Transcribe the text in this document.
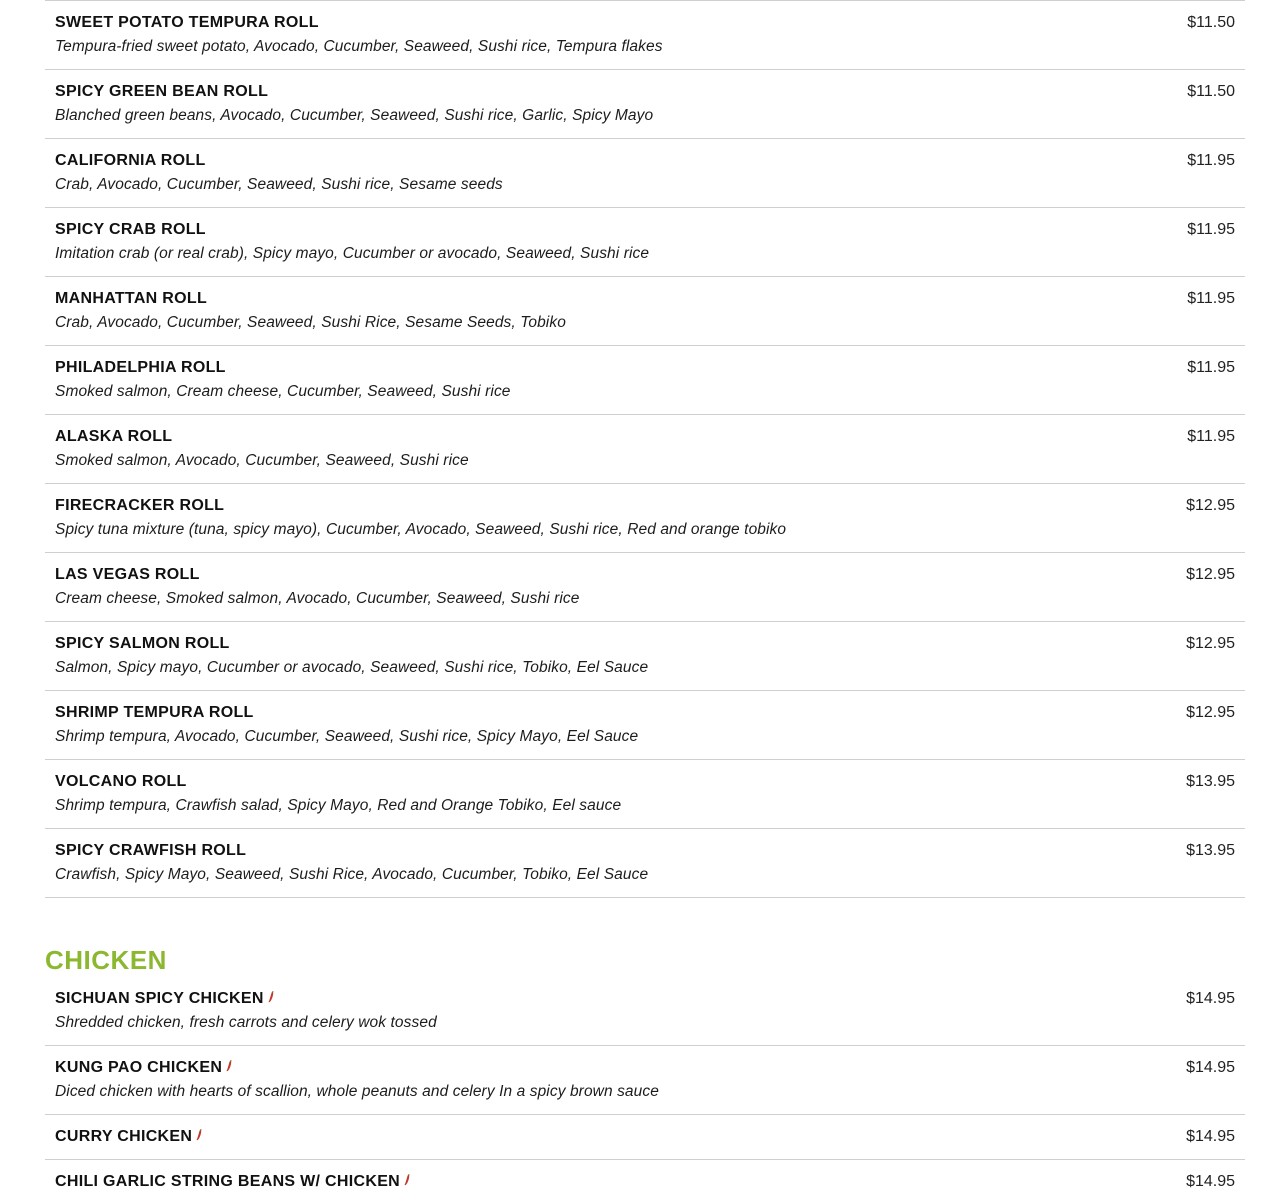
SWEET POTATO TEMPURA ROLL
Tempura-fried sweet potato, Avocado, Cucumber, Seaweed, Sushi rice, Tempura flakes
$11.50
SPICY GREEN BEAN ROLL
Blanched green beans, Avocado, Cucumber, Seaweed, Sushi rice, Garlic, Spicy Mayo
$11.50
CALIFORNIA ROLL
Crab, Avocado, Cucumber, Seaweed, Sushi rice, Sesame seeds
$11.95
SPICY CRAB ROLL
Imitation crab (or real crab), Spicy mayo, Cucumber or avocado, Seaweed, Sushi rice
$11.95
MANHATTAN ROLL
Crab, Avocado, Cucumber, Seaweed, Sushi Rice, Sesame Seeds, Tobiko
$11.95
PHILADELPHIA ROLL
Smoked salmon, Cream cheese, Cucumber, Seaweed, Sushi rice
$11.95
ALASKA ROLL
Smoked salmon, Avocado, Cucumber, Seaweed, Sushi rice
$11.95
FIRECRACKER ROLL
Spicy tuna mixture (tuna, spicy mayo), Cucumber, Avocado, Seaweed, Sushi rice, Red and orange tobiko
$12.95
LAS VEGAS ROLL
Cream cheese, Smoked salmon, Avocado, Cucumber, Seaweed, Sushi rice
$12.95
SPICY SALMON ROLL
Salmon, Spicy mayo, Cucumber or avocado, Seaweed, Sushi rice, Tobiko, Eel Sauce
$12.95
SHRIMP TEMPURA ROLL
Shrimp tempura, Avocado, Cucumber, Seaweed, Sushi rice, Spicy Mayo, Eel Sauce
$12.95
VOLCANO ROLL
Shrimp tempura, Crawfish salad, Spicy Mayo, Red and Orange Tobiko, Eel sauce
$13.95
SPICY CRAWFISH ROLL
Crawfish, Spicy Mayo, Seaweed, Sushi Rice, Avocado, Cucumber, Tobiko, Eel Sauce
$13.95
CHICKEN
SICHUAN SPICY CHICKEN
Shredded chicken, fresh carrots and celery wok tossed
$14.95
KUNG PAO CHICKEN
Diced chicken with hearts of scallion, whole peanuts and celery In a spicy brown sauce
$14.95
CURRY CHICKEN	$14.95
CHILI GARLIC STRING BEANS W/ CHICKEN	$14.95
